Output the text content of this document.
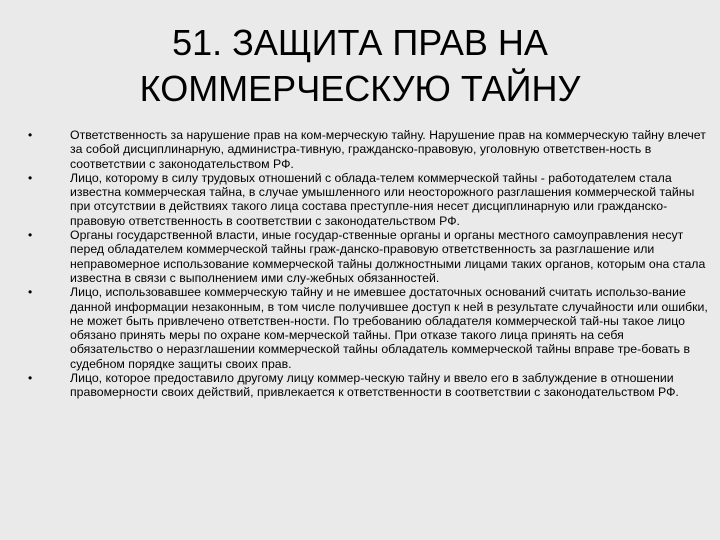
51. ЗАЩИТА ПРАВ НА
КОММЕРЧЕСКУЮ ТАЙНУ
•	Ответственность за нарушение прав на ком-мерческую тайну. Нарушение прав на коммерческую тайну влечет за собой дисциплинарную, администра-тивную, гражданско-правовую, уголовную ответствен-ность в соответствии с законодательством РФ.
•	Лицо, которому в силу трудовых отношений с облада-телем коммерческой тайны - работодателем стала известна коммерческая тайна, в случае умышленного или неосторожного разглашения коммерческой тайны при отсутствии в действиях такого лица состава преступле-ния несет дисциплинарную или гражданско-правовую ответственность в соответствии с законодательством РФ.
•	Органы государственной власти, иные государ-ственные органы и органы местного самоуправления несут перед обладателем коммерческой тайны граж-данско-правовую ответственность за разглашение или неправомерное использование коммерческой тайны должностными лицами таких органов, которым она стала известна в связи с выполнением ими слу-жебных обязанностей.
•	Лицо, использовавшее коммерческую тайну и не имевшее достаточных оснований считать использо-вание данной информации незаконным, в том числе получившее доступ к ней в результате случайности или ошибки, не может быть привлечено ответствен-ности. По требованию обладателя коммерческой тай-ны такое лицо обязано принять меры по охране ком-мерческой тайны. При отказе такого лица принять на себя обязательство о неразглашении коммерческой тайны обладатель коммерческой тайны вправе тре-бовать в судебном порядке защиты своих прав.
•	Лицо, которое предоставило другому лицу коммер-ческую тайну и ввело его в заблуждение в отношении правомерности своих действий, привлекается к ответственности в соответствии с законодательством РФ.
